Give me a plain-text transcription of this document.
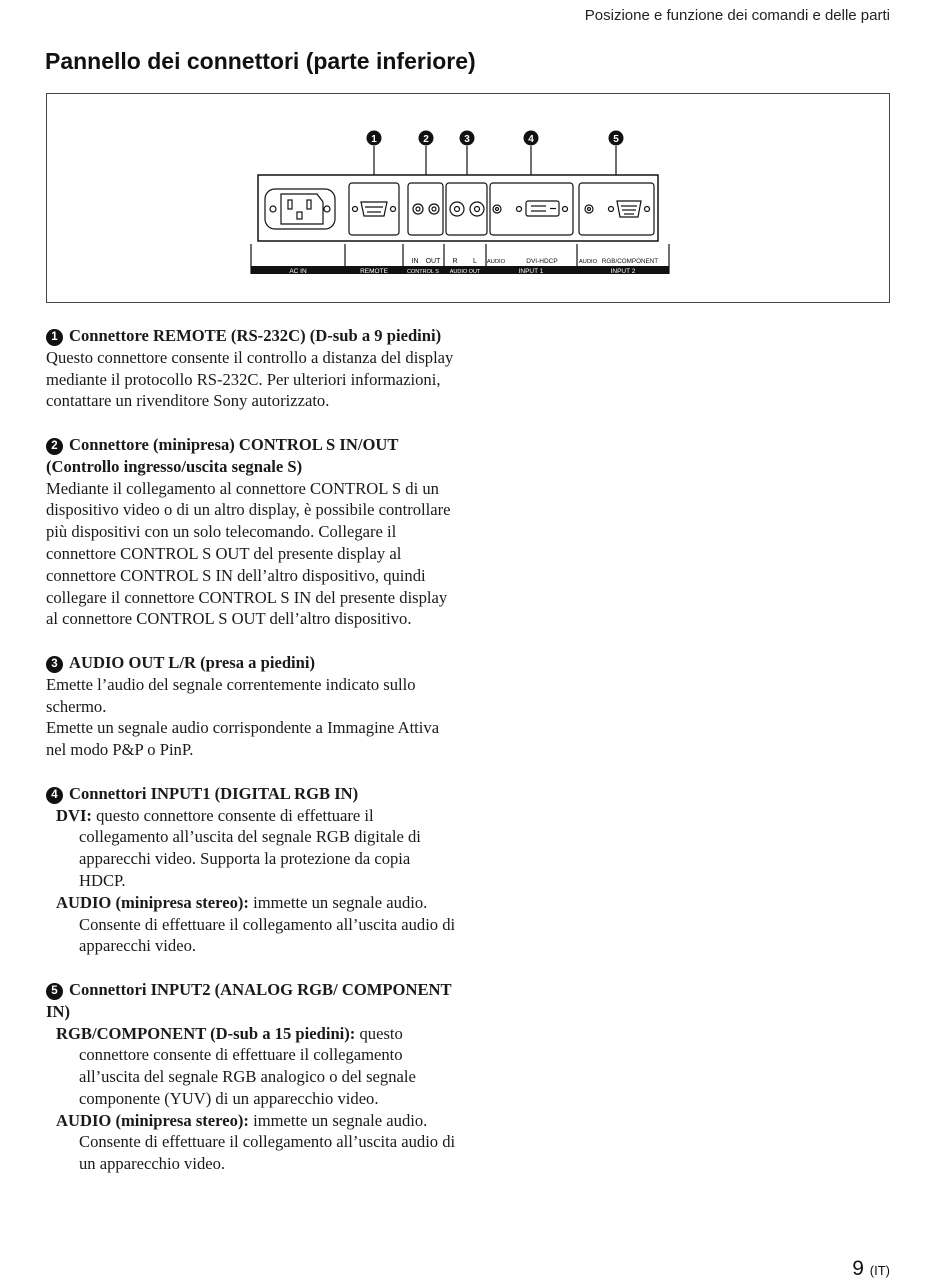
Posizione e funzione dei comandi e delle parti
Pannello dei connettori (parte inferiore)
1	2	3	4	5
IN OUT R L AUDIO	DVI-HDCP	AUDIO RGB/COMPONENT
AC IN	REMOTE	CONTROL S AUDIO OUT	INPUT 1	INPUT 2
1 Connettore REMOTE (RS-232C) (D-sub a 9 piedini)

Questo connettore consente il controllo a distanza del display mediante il protocollo RS-232C. Per ulteriori informazioni, contattare un rivenditore Sony autorizzato.

2 Connettore (minipresa) CONTROL S IN/OUT (Controllo ingresso/uscita segnale S)

Mediante il collegamento al connettore CONTROL S di un dispositivo video o di un altro display, è possibile controllare più dispositivi con un solo telecomando. Collegare il connettore CONTROL S OUT del presente display al connettore CONTROL S IN dell’altro dispositivo, quindi collegare il connettore CONTROL S IN del presente display al connettore CONTROL S OUT dell’altro dispositivo.

3 AUDIO OUT L/R (presa a piedini)

Emette l’audio del segnale correntemente indicato sullo schermo.

Emette un segnale audio corrispondente a Immagine Attiva nel modo P&P o PinP.

4 Connettori INPUT1 (DIGITAL RGB IN)

DVI: questo connettore consente di effettuare il collegamento all’uscita del segnale RGB digitale di apparecchi video. Supporta la protezione da copia HDCP.

AUDIO (minipresa stereo): immette un segnale audio. Consente di effettuare il collegamento all’uscita audio di apparecchi video.

5 Connettori INPUT2 (ANALOG RGB/ COMPONENT IN)

RGB/COMPONENT (D-sub a 15 piedini): questo connettore consente di effettuare il collegamento all’uscita del segnale RGB analogico o del segnale componente (YUV) di un apparecchio video.

AUDIO (minipresa stereo): immette un segnale audio. Consente di effettuare il collegamento all’uscita audio di un apparecchio video.

9 (IT)
